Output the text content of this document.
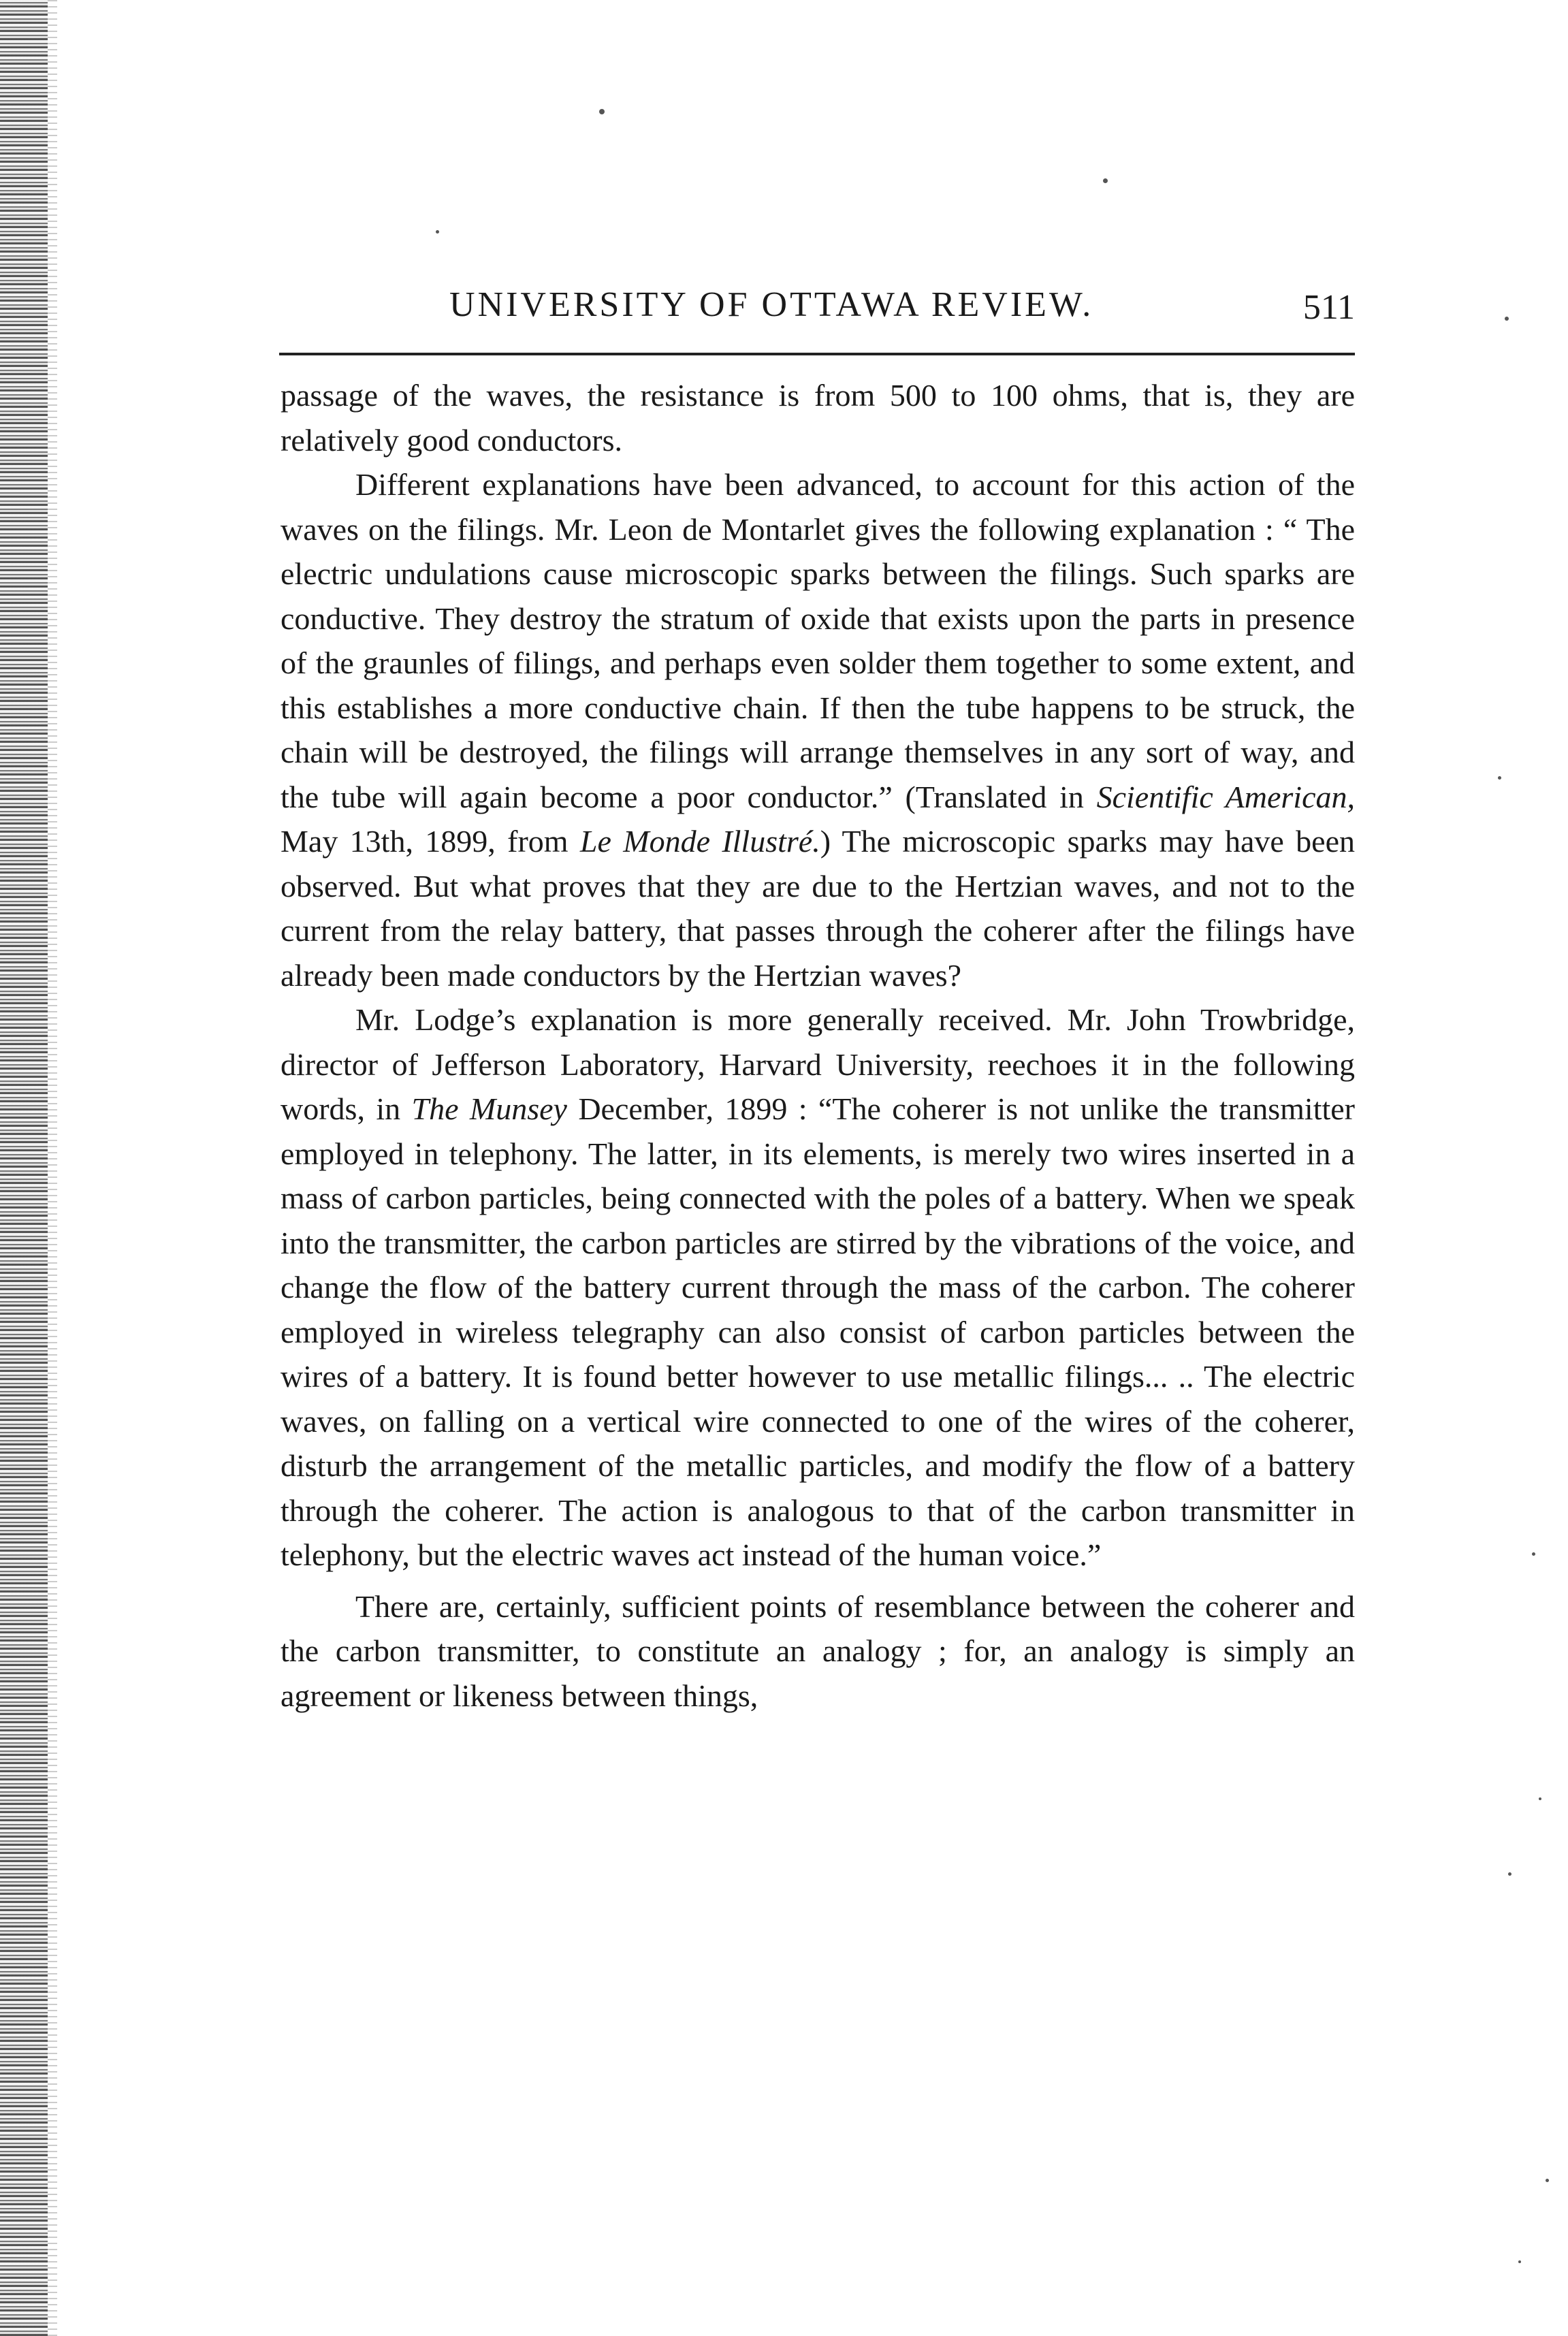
UNIVERSITY OF OTTAWA REVIEW.	511

passage of the waves, the resistance is from 500 to 100 ohms, that is, they are relatively good conductors.

Different explanations have been advanced, to account for this action of the waves on the filings. Mr. Leon de Montarlet gives the following explanation : “ The electric undulations cause microscopic sparks between the filings. Such sparks are conductive. They destroy the stratum of oxide that exists upon the parts in presence of the graunles of filings, and perhaps even solder them together to some extent, and this establishes a more conductive chain. If then the tube happens to be struck, the chain will be destroyed, the filings will arrange themselves in any sort of way, and the tube will again become a poor conductor.” (Translated in Scientific American, May 13th, 1899, from Le Monde Illustré.) The microscopic sparks may have been observed. But what proves that they are due to the Hertzian waves, and not to the current from the relay battery, that passes through the coherer after the filings have already been made conductors by the Hertzian waves?

Mr. Lodge’s explanation is more generally received. Mr. John Trowbridge, director of Jefferson Laboratory, Harvard University, reechoes it in the following words, in The Munsey December, 1899 : “The coherer is not unlike the transmitter employed in telephony. The latter, in its elements, is merely two wires inserted in a mass of carbon particles, being connected with the poles of a battery. When we speak into the transmitter, the carbon particles are stirred by the vibrations of the voice, and change the flow of the battery current through the mass of the carbon. The coherer employed in wireless telegraphy can also consist of carbon particles between the wires of a battery. It is found better however to use metallic filings... .. The electric waves, on falling on a vertical wire connected to one of the wires of the coherer, disturb the arrangement of the metallic particles, and modify the flow of a battery through the coherer. The action is analogous to that of the carbon transmitter in telephony, but the electric waves act instead of the human voice.”

There are, certainly, sufficient points of resemblance between the coherer and the carbon transmitter, to constitute an analogy ; for, an analogy is simply an agreement or likeness between things,
